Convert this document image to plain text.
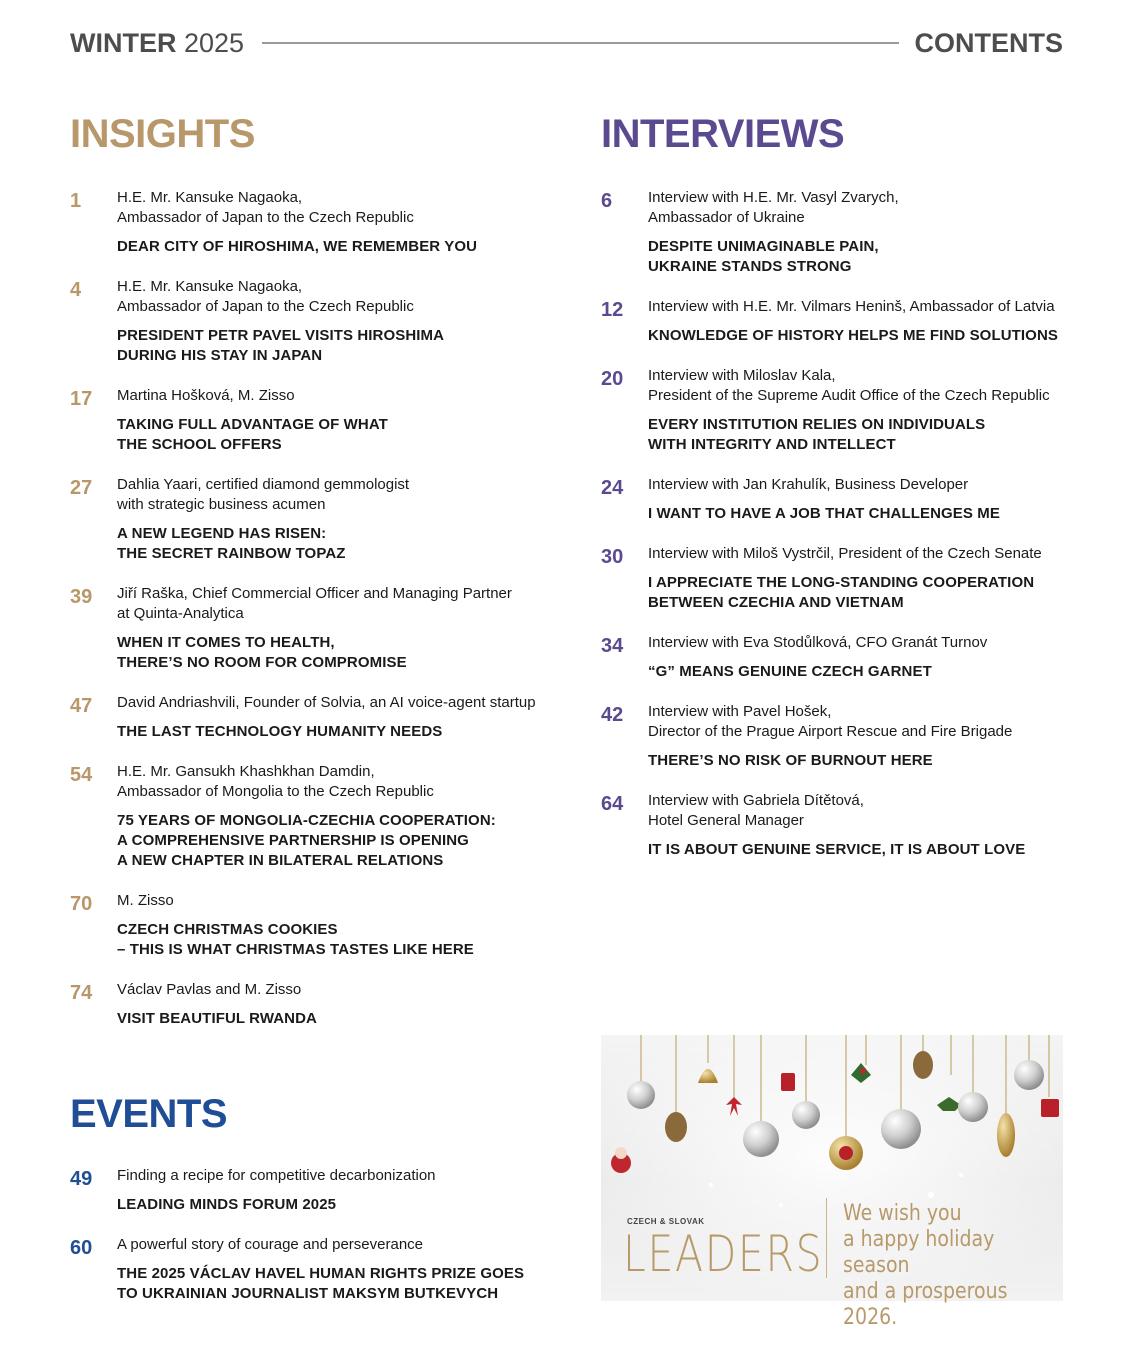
WINTER 2025	CONTENTS
INSIGHTS
1	H.E. Mr. Kansuke Nagaoka,
Ambassador of Japan to the Czech Republic
DEAR CITY OF HIROSHIMA, WE REMEMBER YOU
4	H.E. Mr. Kansuke Nagaoka,
Ambassador of Japan to the Czech Republic
PRESIDENT PETR PAVEL VISITS HIROSHIMA
DURING HIS STAY IN JAPAN
17	Martina Hošková, M. Zisso
TAKING FULL ADVANTAGE OF WHAT
THE SCHOOL OFFERS
27	Dahlia Yaari, certified diamond gemmologist
with strategic business acumen
A NEW LEGEND HAS RISEN:
THE SECRET RAINBOW TOPAZ
39	Jiří Raška, Chief Commercial Officer and Managing Partner
at Quinta-Analytica
WHEN IT COMES TO HEALTH,
THERE’S NO ROOM FOR COMPROMISE
47	David Andriashvili, Founder of Solvia, an AI voice-agent startup
THE LAST TECHNOLOGY HUMANITY NEEDS
54	H.E. Mr. Gansukh Khashkhan Damdin,
Ambassador of Mongolia to the Czech Republic
75 YEARS OF MONGOLIA-CZECHIA COOPERATION:
A COMPREHENSIVE PARTNERSHIP IS OPENING
A NEW CHAPTER IN BILATERAL RELATIONS
70	M. Zisso
CZECH CHRISTMAS COOKIES
– THIS IS WHAT CHRISTMAS TASTES LIKE HERE
74	Václav Pavlas and M. Zisso
VISIT BEAUTIFUL RWANDA
INTERVIEWS
6	Interview with H.E. Mr. Vasyl Zvarych,
Ambassador of Ukraine
DESPITE UNIMAGINABLE PAIN,
UKRAINE STANDS STRONG
12	Interview with H.E. Mr. Vilmars Heninš, Ambassador of Latvia
KNOWLEDGE OF HISTORY HELPS ME FIND SOLUTIONS
20	Interview with Miloslav Kala,
President of the Supreme Audit Office of the Czech Republic
EVERY INSTITUTION RELIES ON INDIVIDUALS
WITH INTEGRITY AND INTELLECT
24	Interview with Jan Krahulík, Business Developer
I WANT TO HAVE A JOB THAT CHALLENGES ME
30	Interview with Miloš Vystrčil, President of the Czech Senate
I APPRECIATE THE LONG-STANDING COOPERATION
BETWEEN CZECHIA AND VIETNAM
34	Interview with Eva Stodůlková, CFO Granát Turnov
“G” MEANS GENUINE CZECH GARNET
42	Interview with Pavel Hošek,
Director of the Prague Airport Rescue and Fire Brigade
THERE’S NO RISK OF BURNOUT HERE
64	Interview with Gabriela Dítětová,
Hotel General Manager
IT IS ABOUT GENUINE SERVICE, IT IS ABOUT LOVE
EVENTS
49	Finding a recipe for competitive decarbonization
LEADING MINDS FORUM 2025
60	A powerful story of courage and perseverance
THE 2025 VÁCLAV HAVEL HUMAN RIGHTS PRIZE GOES
TO UKRAINIAN JOURNALIST MAKSYM BUTKEVYCH
CZECH & SLOVAK
LEADERS
We wish you
a happy holiday season
and a prosperous 2026.
